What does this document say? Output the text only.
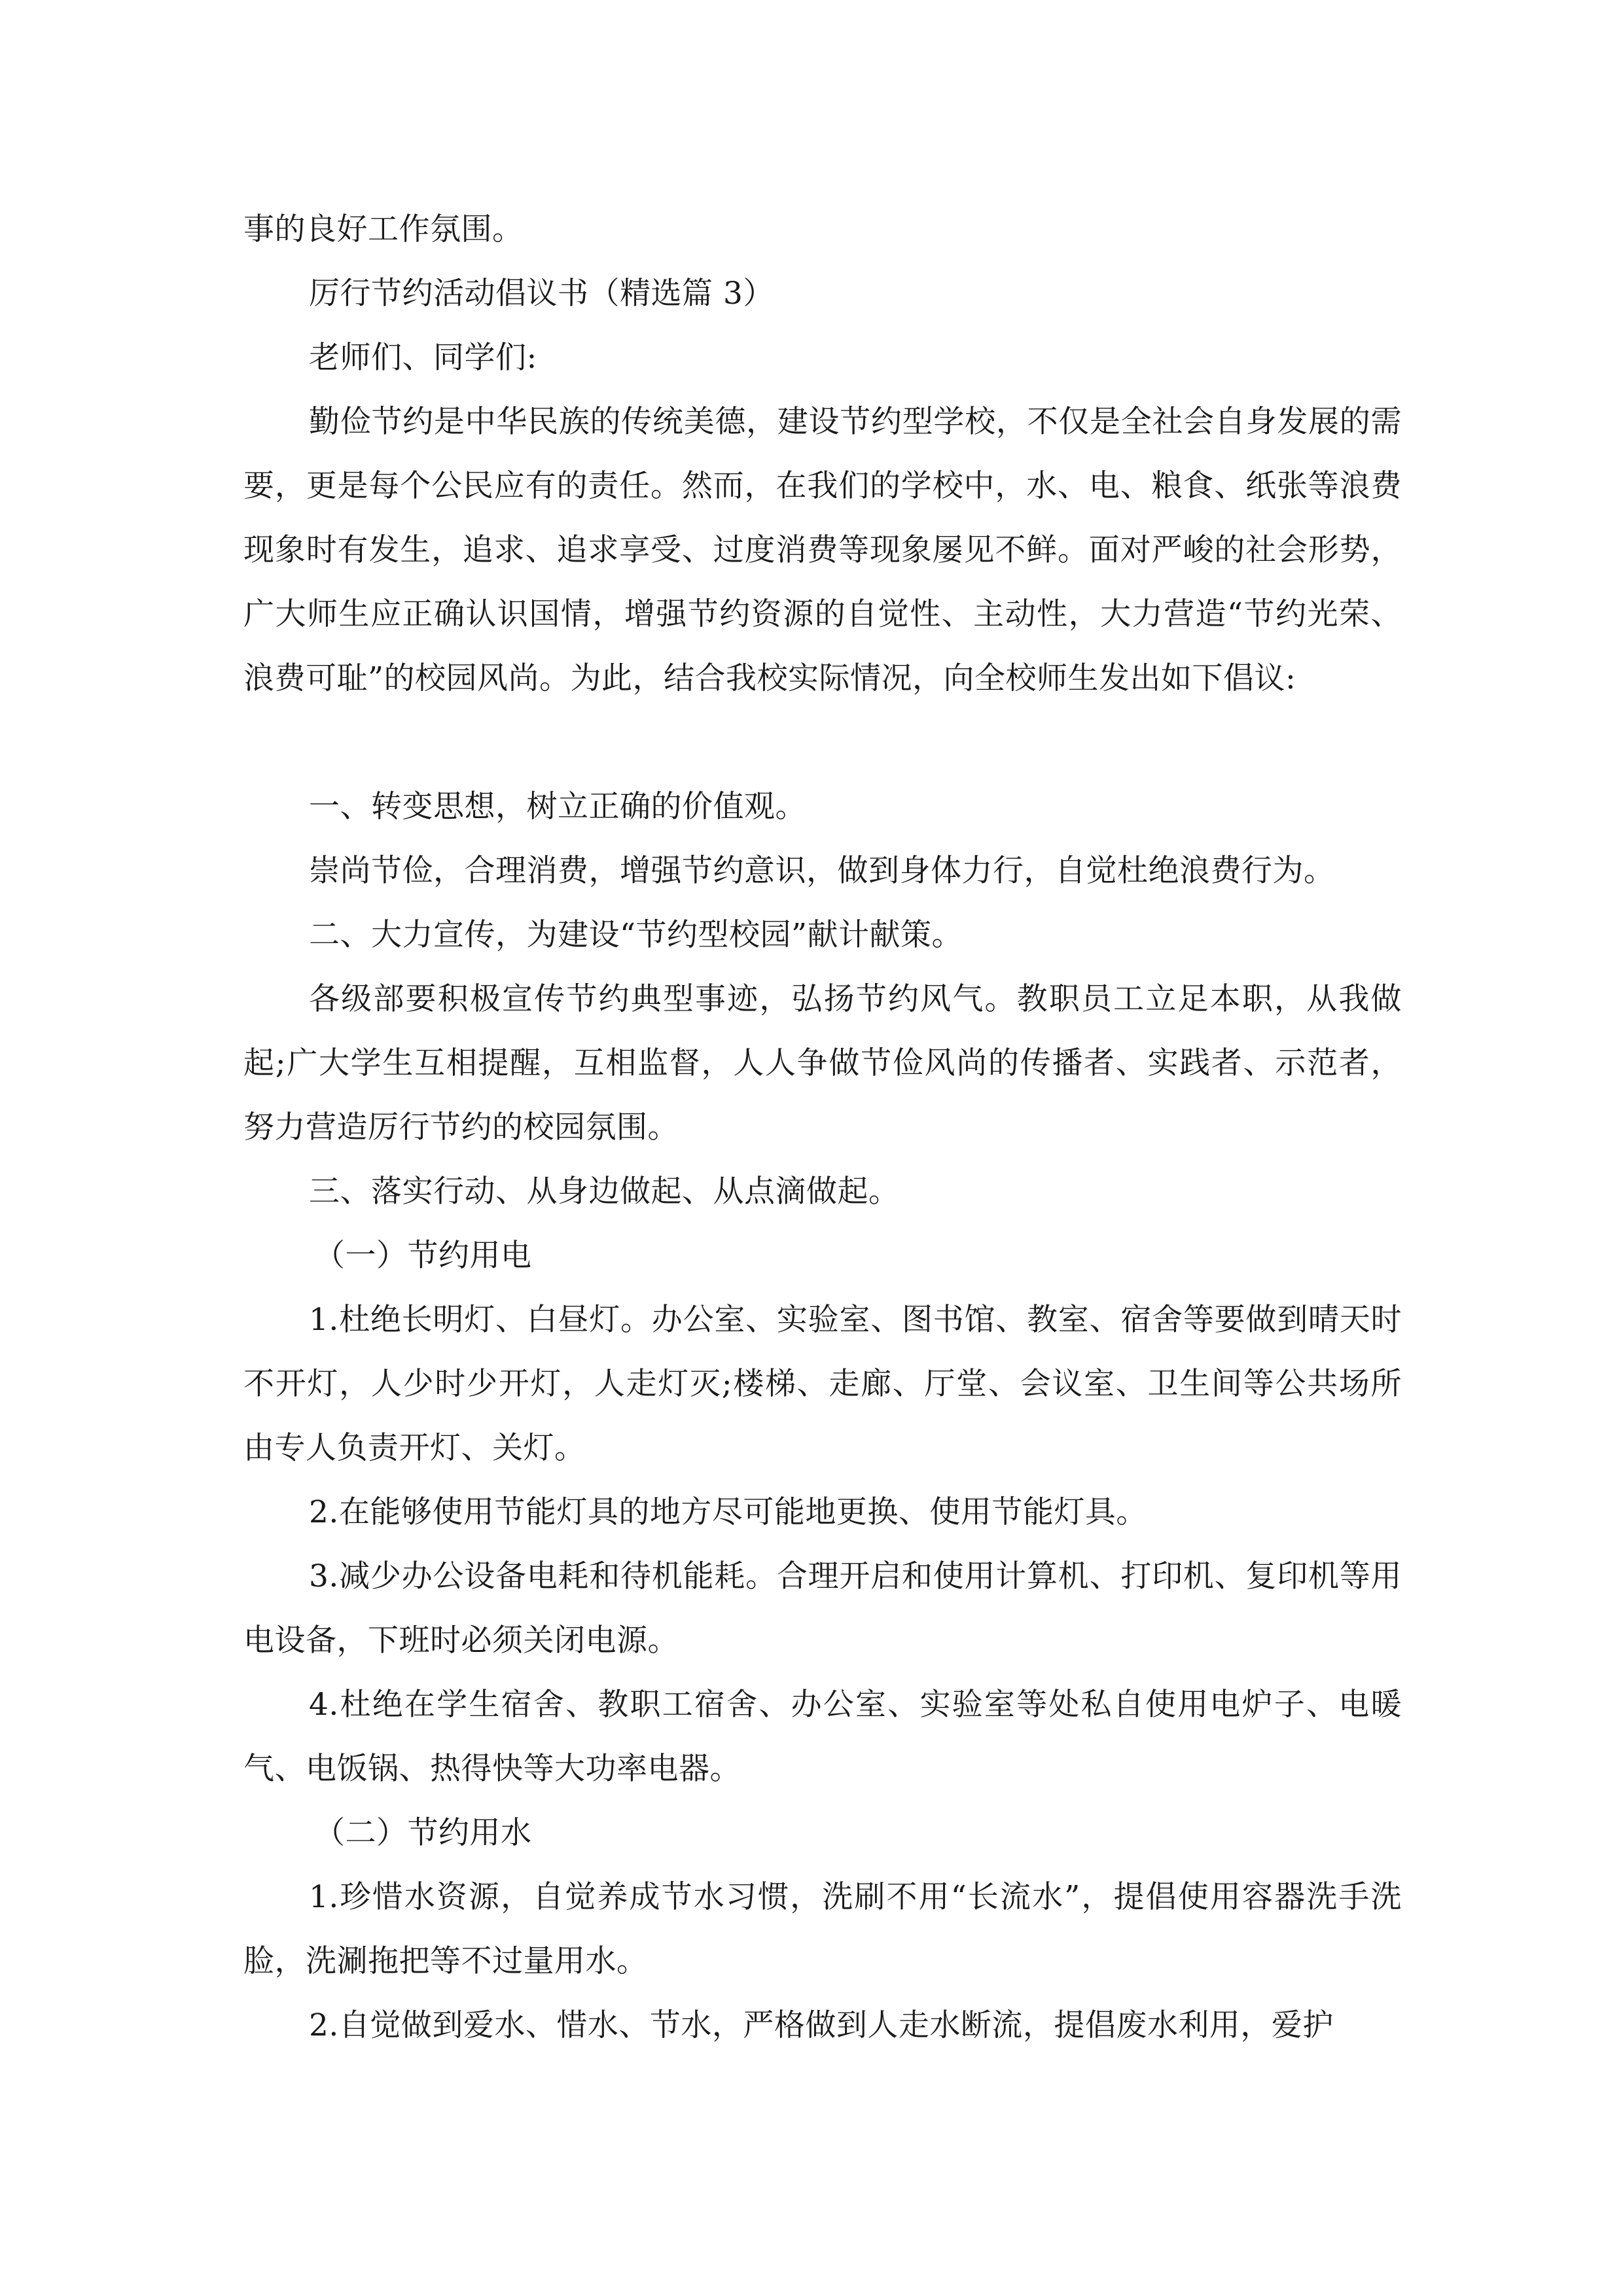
事的良好工作氛围。

厉行节约活动倡议书（精选篇 3）

老师们、同学们:

勤俭节约是中华民族的传统美德，建设节约型学校，不仅是全社会自身发展的需要，更是每个公民应有的责任。然而，在我们的学校中，水、电、粮食、纸张等浪费现象时有发生，追求、追求享受、过度消费等现象屡见不鲜。面对严峻的社会形势，广大师生应正确认识国情，增强节约资源的自觉性、主动性，大力营造“节约光荣、浪费可耻”的校园风尚。为此，结合我校实际情况，向全校师生发出如下倡议:

一、转变思想，树立正确的价值观。

崇尚节俭，合理消费，增强节约意识，做到身体力行，自觉杜绝浪费行为。

二、大力宣传，为建设“节约型校园”献计献策。

各级部要积极宣传节约典型事迹，弘扬节约风气。教职员工立足本职，从我做起;广大学生互相提醒，互相监督，人人争做节俭风尚的传播者、实践者、示范者，努力营造厉行节约的校园氛围。

三、落实行动、从身边做起、从点滴做起。

（一）节约用电

1.杜绝长明灯、白昼灯。办公室、实验室、图书馆、教室、宿舍等要做到晴天时不开灯，人少时少开灯，人走灯灭;楼梯、走廊、厅堂、会议室、卫生间等公共场所由专人负责开灯、关灯。

2.在能够使用节能灯具的地方尽可能地更换、使用节能灯具。

3.减少办公设备电耗和待机能耗。合理开启和使用计算机、打印机、复印机等用电设备，下班时必须关闭电源。

4.杜绝在学生宿舍、教职工宿舍、办公室、实验室等处私自使用电炉子、电暖气、电饭锅、热得快等大功率电器。

（二）节约用水

1.珍惜水资源，自觉养成节水习惯，洗刷不用“长流水”，提倡使用容器洗手洗脸，洗涮拖把等不过量用水。

2.自觉做到爱水、惜水、节水，严格做到人走水断流，提倡废水利用，爱护
